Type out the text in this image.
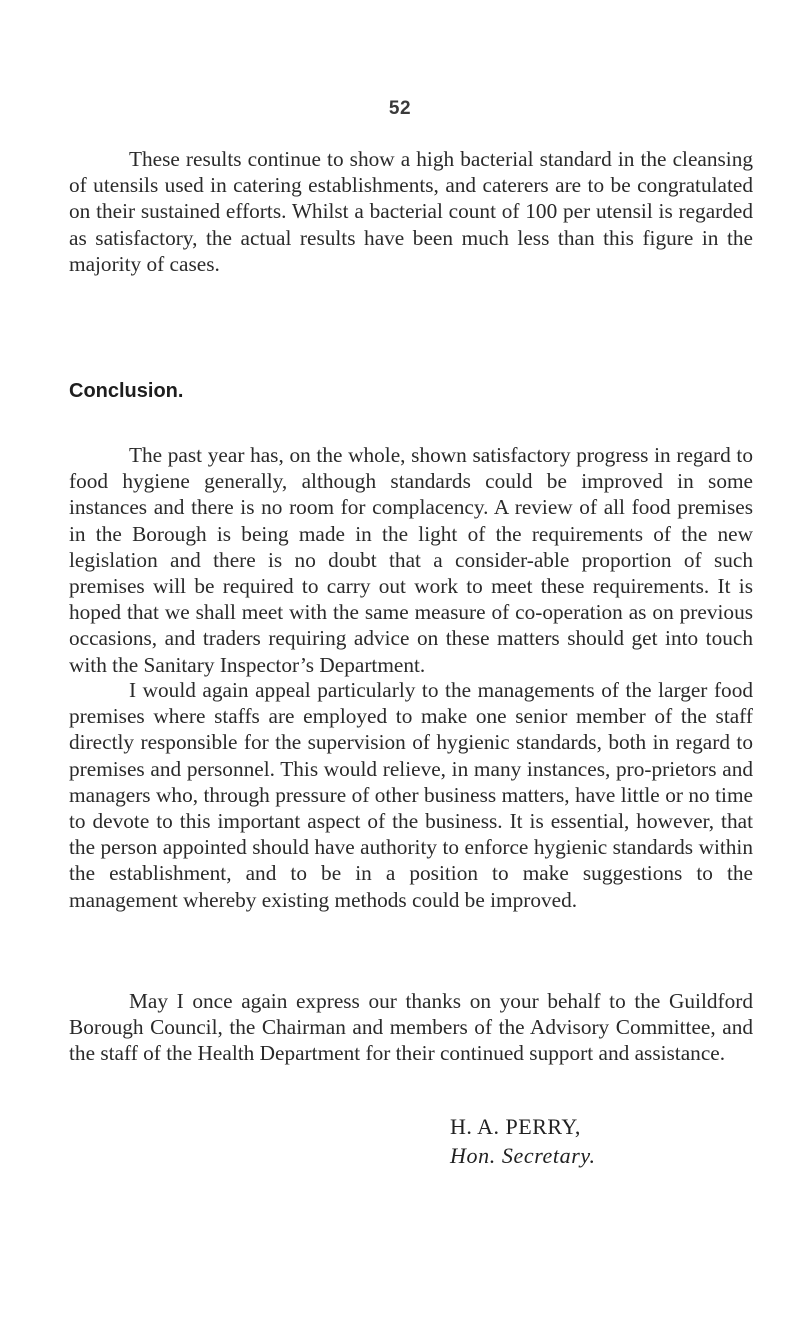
52

These results continue to show a high bacterial standard in the cleansing of utensils used in catering establishments, and caterers are to be congratulated on their sustained efforts. Whilst a bacterial count of 100 per utensil is regarded as satisfactory, the actual results have been much less than this figure in the majority of cases.

Conclusion.

The past year has, on the whole, shown satisfactory progress in regard to food hygiene generally, although standards could be improved in some instances and there is no room for complacency. A review of all food premises in the Borough is being made in the light of the requirements of the new legislation and there is no doubt that a consider-able proportion of such premises will be required to carry out work to meet these requirements. It is hoped that we shall meet with the same measure of co-operation as on previous occasions, and traders requiring advice on these matters should get into touch with the Sanitary Inspector’s Department.

I would again appeal particularly to the managements of the larger food premises where staffs are employed to make one senior member of the staff directly responsible for the supervision of hygienic standards, both in regard to premises and personnel. This would relieve, in many instances, pro-prietors and managers who, through pressure of other business matters, have little or no time to devote to this important aspect of the business. It is essential, however, that the person appointed should have authority to enforce hygienic standards within the establishment, and to be in a position to make suggestions to the management whereby existing methods could be improved.

May I once again express our thanks on your behalf to the Guildford Borough Council, the Chairman and members of the Advisory Committee, and the staff of the Health Department for their continued support and assistance.

H. A. PERRY,
Hon. Secretary.
